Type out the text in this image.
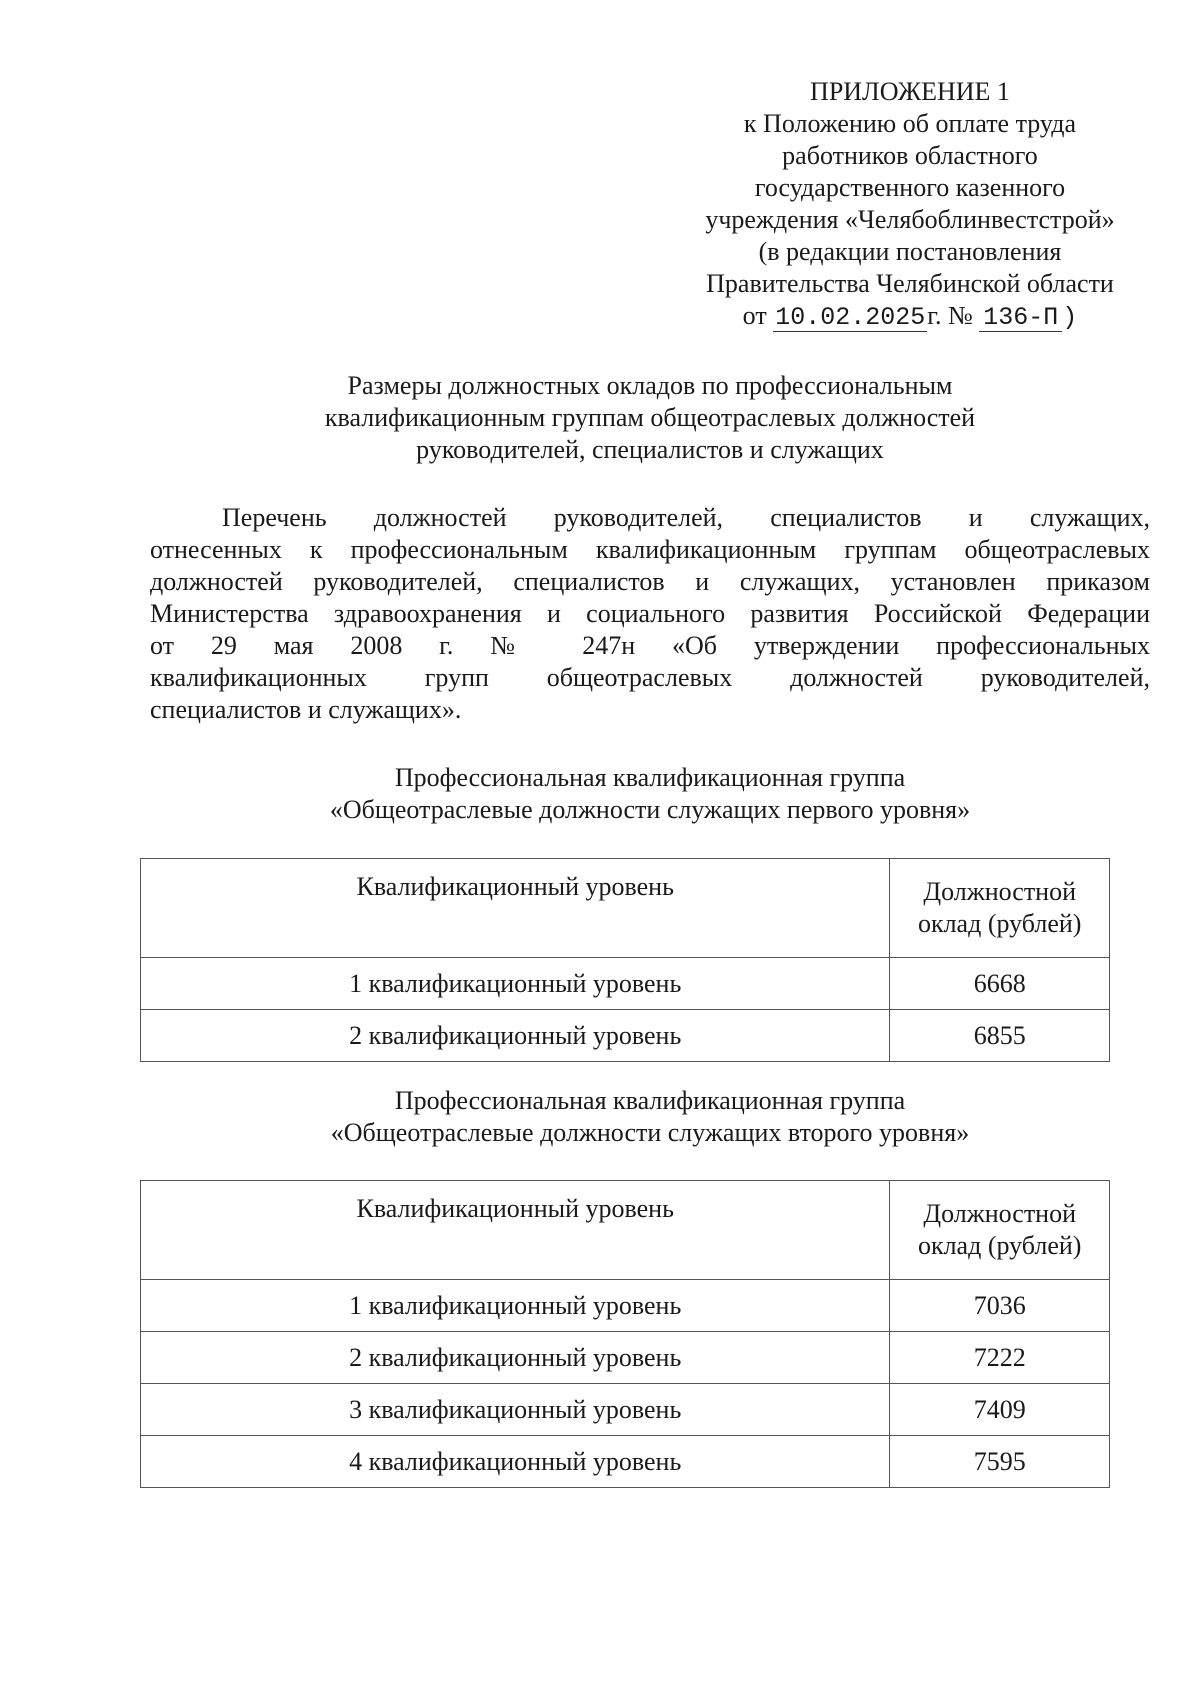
ПРИЛОЖЕНИЕ 1
к Положению об оплате труда
работников областного
государственного казенного
учреждения «Челябоблинвестстрой»
(в редакции постановления
Правительства Челябинской области
от 10.02.2025г. № 136-П )
Размеры должностных окладов по профессиональным
квалификационным группам общеотраслевых должностей
руководителей, специалистов и служащих
Перечень должностей руководителей, специалистов и служащих,
отнесенных к профессиональным квалификационным группам общеотраслевых
должностей руководителей, специалистов и служащих, установлен приказом
Министерства здравоохранения и социального развития Российской Федерации
от 29 мая 2008 г. № 247н «Об утверждении профессиональных
квалификационных групп общеотраслевых должностей руководителей,
специалистов и служащих».
Профессиональная квалификационная группа
«Общеотраслевые должности служащих первого уровня»
Квалификационный уровень	Должностной
оклад (рублей)

1 квалификационный уровень	6668
2 квалификационный уровень	6855
Профессиональная квалификационная группа
«Общеотраслевые должности служащих второго уровня»
Квалификационный уровень	Должностной
оклад (рублей)

1 квалификационный уровень	7036
2 квалификационный уровень	7222
3 квалификационный уровень	7409
4 квалификационный уровень	7595
